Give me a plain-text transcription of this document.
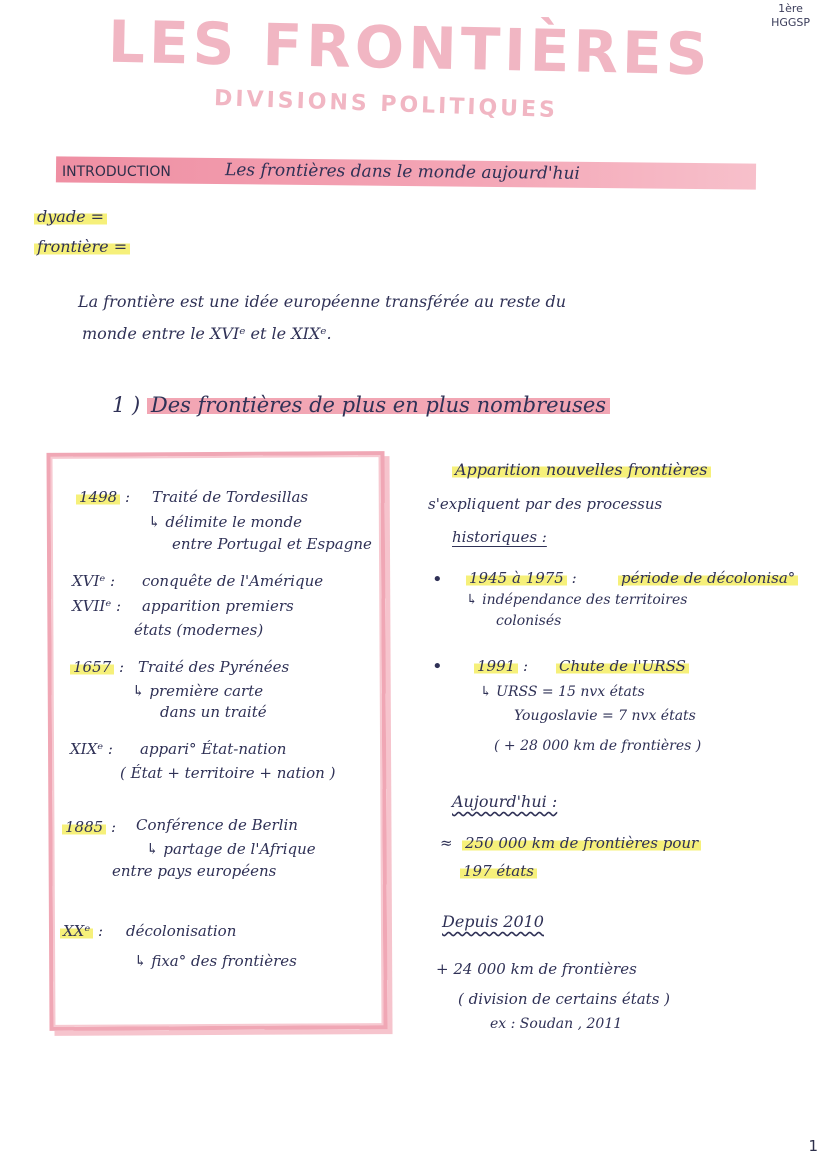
LES FRONTIÈRES
DIVISIONS POLITIQUES
1ère
HGGSP
INTRODUCTION	Les frontières dans le monde aujourd'hui
dyade =
frontière =
La frontière est une idée européenne transférée au reste du
monde entre le XVIᵉ et le XIXᵉ.
1 ) Des frontières de plus en plus nombreuses
1498 : Traité de Tordesillas
↳ délimite le monde
entre Portugal et Espagne
XVIᵉ : conquête de l'Amérique
XVIIᵉ : apparition premiers
états (modernes)
1657 : Traité des Pyrénées
↳ première carte
dans un traité
XIXᵉ : appari° État-nation
( État + territoire + nation )
1885 : Conférence de Berlin
↳ partage de l'Afrique
entre pays européens
XXᵉ : décolonisation
↳ fixa° des frontières
Apparition nouvelles frontières
s'expliquent par des processus
historiques :
• 1945 à 1975 :	période de décolonisa°
↳ indépendance des territoires
colonisés
• 1991 : Chute de l'URSS
↳ URSS = 15 nvx états
Yougoslavie = 7 nvx états
( + 28 000 km de frontières )
Aujourd'hui :
≈ 250 000 km de frontières pour
197 états
Depuis 2010
+ 24 000 km de frontières
( division de certains états )
ex : Soudan , 2011
1
